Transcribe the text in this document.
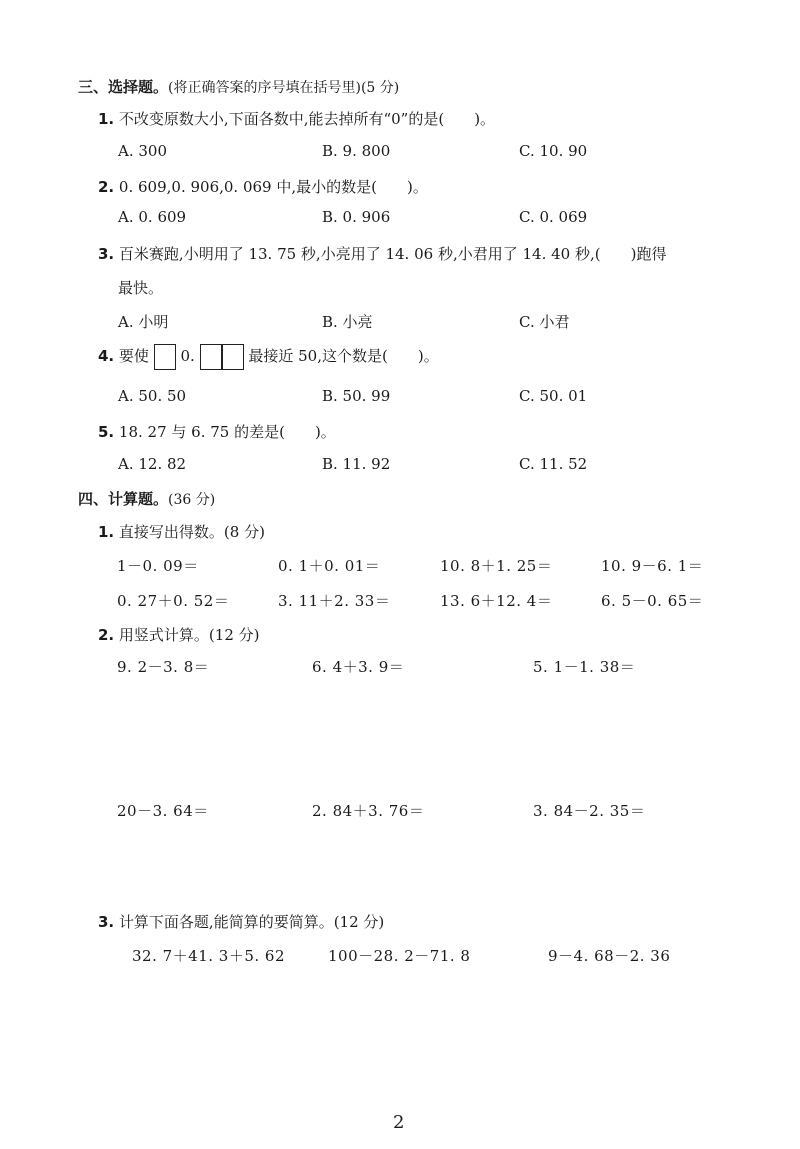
三、选择题。(将正确答案的序号填在括号里)(5 分)
1. 不改变原数大小,下面各数中,能去掉所有“0”的是(　　)。
A. 300	B. 9. 800	C. 10. 90
2. 0. 609,0. 906,0. 069 中,最小的数是(　　)。
A. 0. 609	B. 0. 906	C. 0. 069
3. 百米赛跑,小明用了 13. 75 秒,小亮用了 14. 06 秒,小君用了 14. 40 秒,(　　)跑得
最快。
A. 小明	B. 小亮	C. 小君
4. 要使 0.	最接近 50,这个数是(　　)。
A. 50. 50	B. 50. 99	C. 50. 01
5. 18. 27 与 6. 75 的差是(　　)。
A. 12. 82	B. 11. 92	C. 11. 52
四、计算题。(36 分)
1. 直接写出得数。(8 分)
1－0. 09＝	0. 1＋0. 01＝	10. 8＋1. 25＝	10. 9－6. 1＝
0. 27＋0. 52＝	3. 11＋2. 33＝	13. 6＋12. 4＝	6. 5－0. 65＝
2. 用竖式计算。(12 分)
9. 2－3. 8＝	6. 4＋3. 9＝	5. 1－1. 38＝
20－3. 64＝	2. 84＋3. 76＝	3. 84－2. 35＝
3. 计算下面各题,能简算的要简算。(12 分)
32. 7＋41. 3＋5. 62	100－28. 2－71. 8	9－4. 68－2. 36
2
